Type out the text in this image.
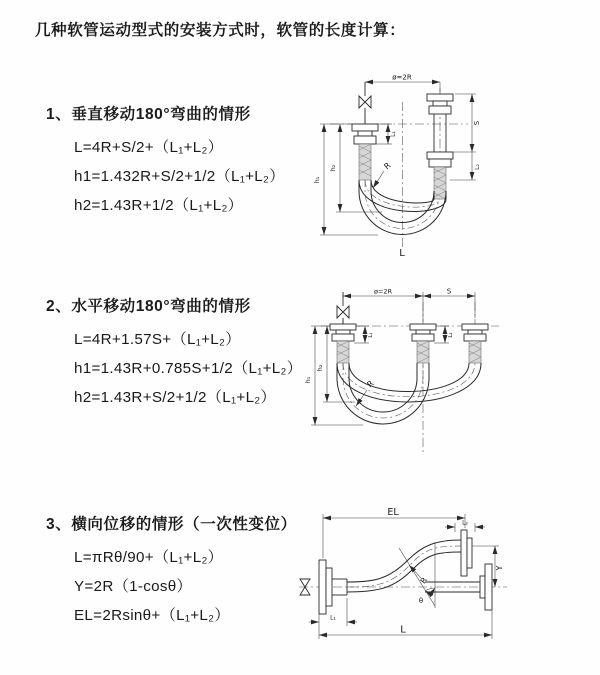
几种软管运动型式的安装方式时，软管的长度计算：
1、垂直移动180°弯曲的情形
L=4R+S/2+（L₁+L₂）
h1=1.432R+S/2+1/2（L₁+L₂）
h2=1.43R+1/2（L₁+L₂）
2、水平移动180°弯曲的情形
L=4R+1.57S+（L₁+L₂）
h1=1.43R+0.785S+1/2（L₁+L₂）
h2=1.43R+S/2+1/2（L₁+L₂）
3、横向位移的情形（一次性变位）
L=πRθ/90+（L₁+L₂）
Y=2R（1-cosθ）
EL=2Rsinθ+（L₁+L₂）
ø=2R
S
L₂
L₁
h₂
h₁
R
L
ø=2R	S
h₁
h₂
L₁	L₂
R
EL
L₂
Y
L
L₁
R
θ
